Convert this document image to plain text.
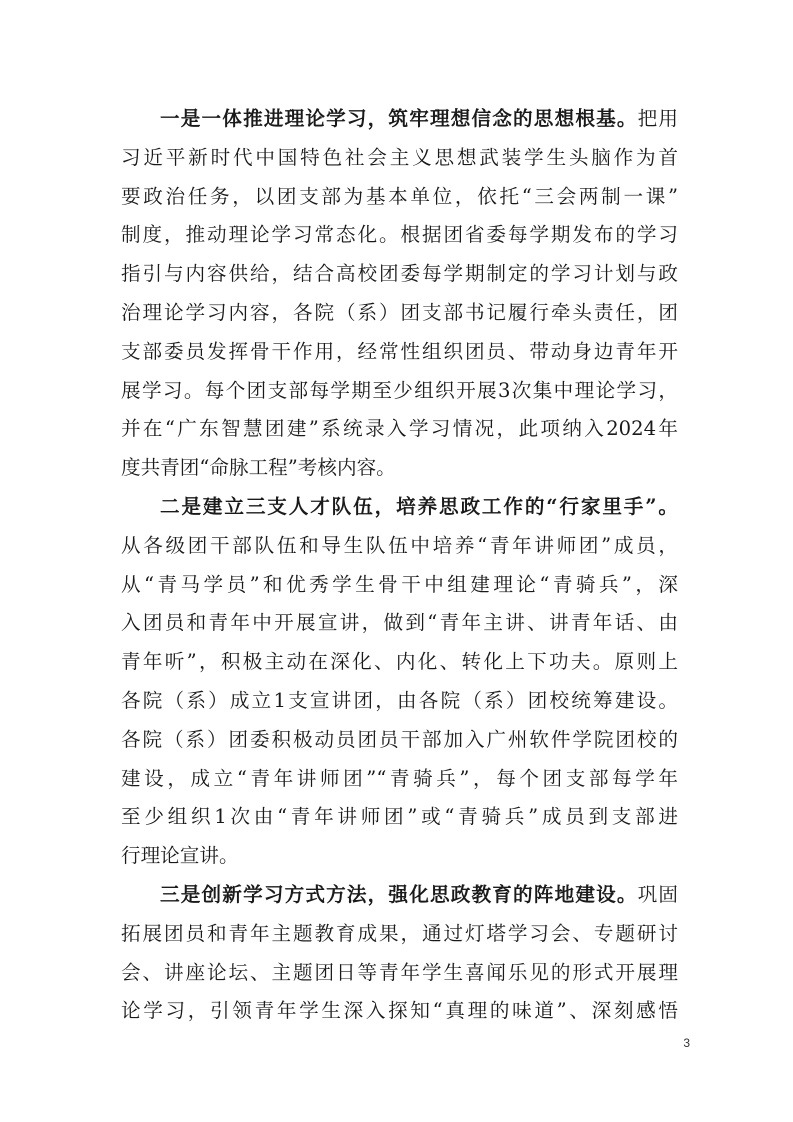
一是一体推进理论学习，筑牢理想信念的思想根基。把用
习近平新时代中国特色社会主义思想武装学生头脑作为首
要政治任务，以团支部为基本单位，依托“三会两制一课”
制度，推动理论学习常态化。根据团省委每学期发布的学习
指引与内容供给，结合高校团委每学期制定的学习计划与政
治理论学习内容，各院（系）团支部书记履行牵头责任，团
支部委员发挥骨干作用，经常性组织团员、带动身边青年开
展学习。每个团支部每学期至少组织开展3次集中理论学习，
并在“广东智慧团建”系统录入学习情况，此项纳入2024年
度共青团“命脉工程”考核内容。
二是建立三支人才队伍，培养思政工作的“行家里手”。
从各级团干部队伍和导生队伍中培养“青年讲师团”成员，
从“青马学员”和优秀学生骨干中组建理论“青骑兵”，深
入团员和青年中开展宣讲，做到“青年主讲、讲青年话、由
青年听”，积极主动在深化、内化、转化上下功夫。原则上
各院（系）成立1支宣讲团，由各院（系）团校统筹建设。
各院（系）团委积极动员团员干部加入广州软件学院团校的
建设，成立“青年讲师团”“青骑兵”，每个团支部每学年
至少组织1次由“青年讲师团”或“青骑兵”成员到支部进
行理论宣讲。
三是创新学习方式方法，强化思政教育的阵地建设。巩固
拓展团员和青年主题教育成果，通过灯塔学习会、专题研讨
会、讲座论坛、主题团日等青年学生喜闻乐见的形式开展理
论学习，引领青年学生深入探知“真理的味道”、深刻感悟
3
